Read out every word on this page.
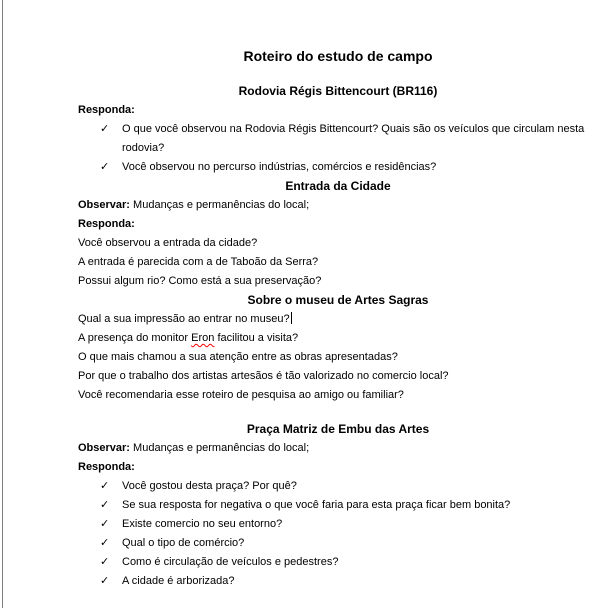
Roteiro do estudo de campo

Rodovia Régis Bittencourt (BR116)

Responda:

✓ O que você observou na Rodovia Régis Bittencourt? Quais são os veículos que circulam nesta rodovia?
✓ Você observou no percurso indústrias, comércios e residências?

Entrada da Cidade

Observar: Mudanças e permanências do local;

Responda:

Você observou a entrada da cidade?

A entrada é parecida com a de Taboão da Serra?

Possui algum rio? Como está a sua preservação?

Sobre o museu de Artes Sagras

Qual a sua impressão ao entrar no museu?

A presença do monitor Eron facilitou a visita?

O que mais chamou a sua atenção entre as obras apresentadas?

Por que o trabalho dos artistas artesãos é tão valorizado no comercio local?

Você recomendaria esse roteiro de pesquisa ao amigo ou familiar?

Praça Matriz de Embu das Artes

Observar: Mudanças e permanências do local;

Responda:

✓ Você gostou desta praça? Por quê?
✓ Se sua resposta for negativa o que você faria para esta praça ficar bem bonita?
✓ Existe comercio no seu entorno?
✓ Qual o tipo de comércio?
✓ Como é circulação de veículos e pedestres?
✓ A cidade é arborizada?
